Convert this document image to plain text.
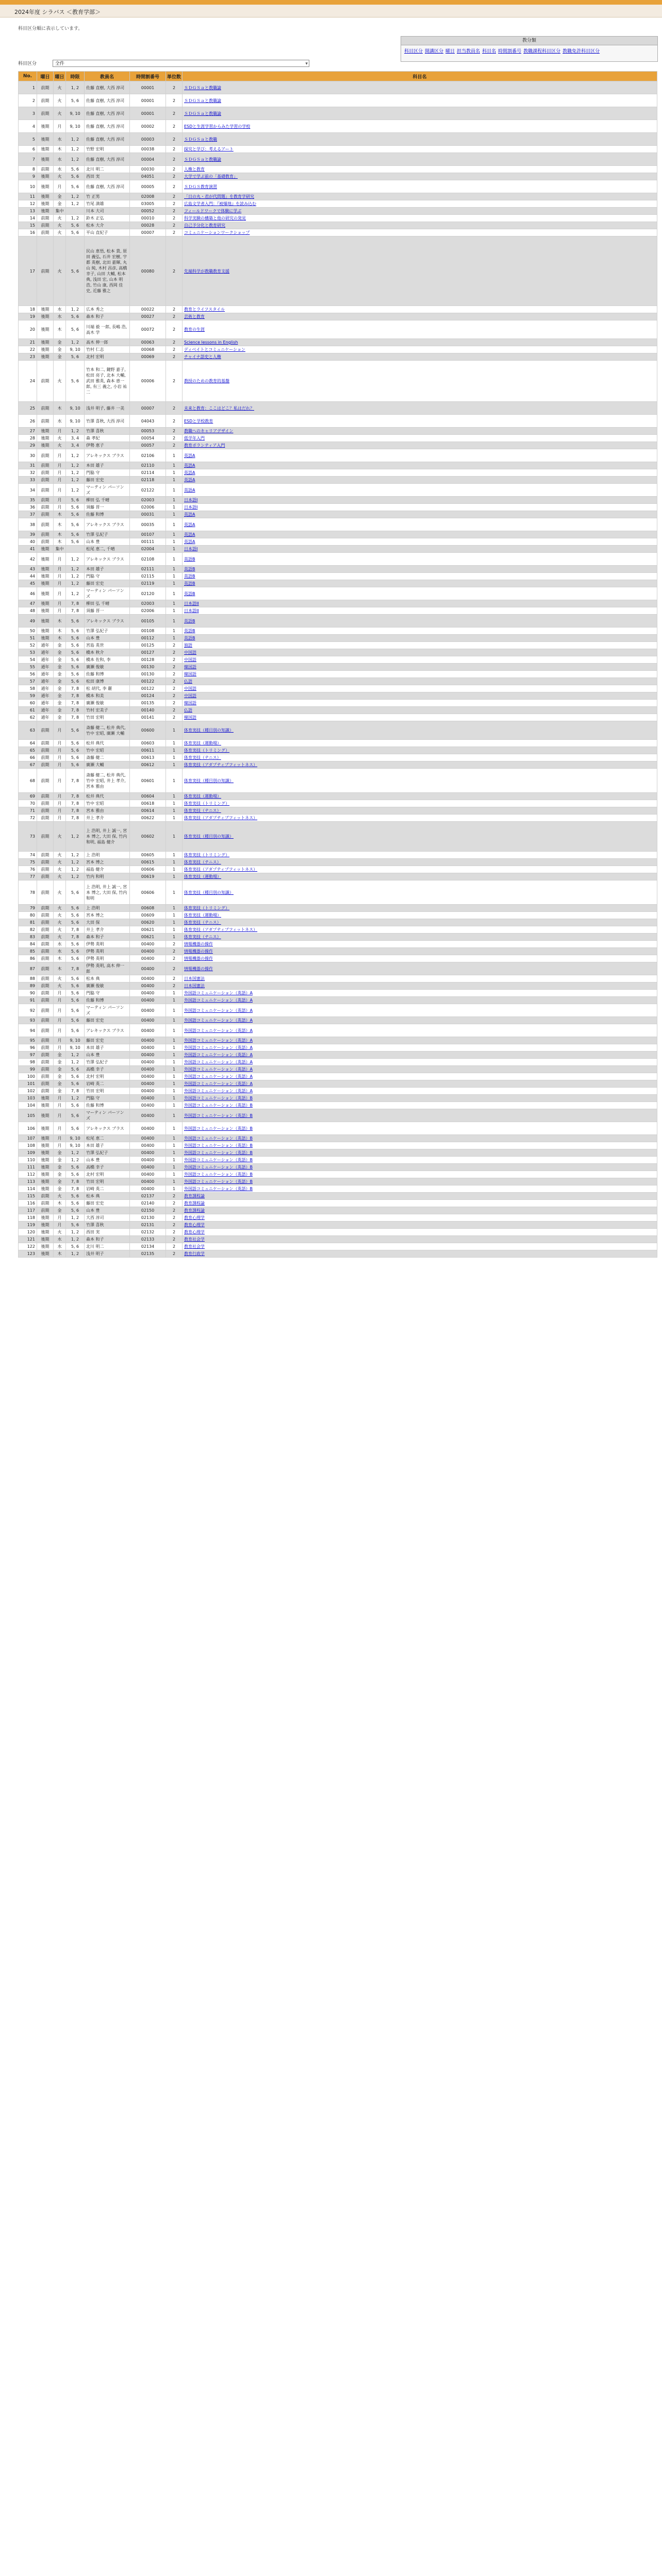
2024年度 シラバス ＜教育学部＞
科目区分順に表示しています。
教分類
科目区分 開講区分 曜日 担当教員名 科目名 時間割番号 教職課程科目区分 教職免許科目区分
科目区分	全件	▾
No.	曜日	曜日	時限	教員名	時間割番号	単位数	科目名
1	前期	火	1, 2	佐藤 直樹, 大西 淳司	00001	2	ＳＤＧＳａと教職論
2	前期	火	5, 6	佐藤 直樹, 大西 淳司	00001	2	ＳＤＧＳａと教職論
3	前期	火	9, 10	佐藤 直樹, 大西 淳司	00001	2	ＳＤＧＳａと教職論
4	後期	月	9, 10	佐藤 直樹, 大西 淳司	00002	2	ESDと生涯学習からみた学習の学校
5	後期	水	1, 2	佐藤 直樹, 大西 淳司	00003	2	ＳＤＧＳａと教職
6	後期	木	1, 2	竹野 宏明	00038	2	探究と学び：考えるアート
7	後期	水	1, 2	佐藤 直樹, 大西 淳司	00004	2	ＳＤＧＳａと教職論
8	前期	水	5, 6	北川 明二	00030	2	人権と教育
9	後期	火	5, 6	西田 実	04051	2	大学で学ぶ前の「基礎教育」
10	後期	月	5, 6	佐藤 直樹, 大西 淳司	00005	2	ＳＤＧＳ教育演習
11	後期	金	1, 2	竹 正男	02008	2	「日の丸・君が代問題」を教育学研究
12	後期	金	1, 2	竹尾 満雄	03005	2	広島文学者入門：『被爆地』を読み込む
13	後期	集中		川本 大司	00052	2	フィールドワークで体験に学ぶ
14	前期	火	1, 2	鈴木 正弘	00010	2	科学実験の構築と他の研究の発見
15	前期	火	5, 6	松本 大介	00028	2	自己予分化と教育研究
16	前期	火	5, 6	平山 直紀子	00007	2	コミュニケーションワークショップ
17	前期	火	5, 6	民山 恵悟, 松本 貴, 原田 義弘, 石井 宏樹, 宇都 英樹, 北田 嘉輝, 丸 山 純, 木村 昌彦, 高橋 幸子, 山田 大輔, 松本 典, 浅田 宏, 山本 明浩, 竹山 康, 西岡 佳史, 近藤 雅之	00080	2	先端科学が教職教育支援
18	後期	水	1, 2	広本 秀之	00022	2	教育とライフスタイル
19	後期	水	5, 6	森本 和子	00027	2	芸術と教育
20	後期	木	5, 6	川端 毅 一郎, 長嶋 浩, 高木 学	00072	2	教育の生涯
21	後期	金	1, 2	高木 伸一郎	00063	2	Science lessons in English
22	後期	金	9, 10	竹村 仁志	00068	2	ディベイトとコミュニケーション
23	後期	金	5, 6	北村 宏明	00069	2	チャイナ語史と人権
24	前期	火	5, 6	竹本 和二, 鍵野 嘉子, 松田 亮子, 北本 大輔, 武田 雅英, 森本 恵一郎, 有三 義之, 小岩 祐二	00006	2	教授のための教育的基盤
25	前期	木	9, 10	浅井 明子, 藤井 一美	00007	2	未来と教育：ここはどこ？私はだれ？
26	前期	水	9, 10	竹澤 喜秋, 大西 淳司	04043	2	ESDと学校教育
27	後期	月	1, 2	竹澤 喜秋	00053	2	教職へのキャリアデザイン
28	後期	火	3, 4	森 孝紀	00054	2	低学年入門
29	後期	火	3, 4	伊勢 恵子	00057	2	教育ボランティア入門
30	前期	月	1, 2	アレキックス ブラス	02106	1	英語A
31	前期	月	1, 2	本田 雄子	02110	1	英語A
32	前期	月	1, 2	門脇 守	02114	1	英語A
33	前期	月	1, 2	藤田 宏史	02118	1	英語A
34	前期	月	1, 2	マーティン パーソンズ	02122	1	英語A
35	前期	月	5, 6	柳田 弘 千晴	02003	1	日本語I
36	前期	月	5, 6	須藤 晋一	02006	1	日本語I
37	前期	木	5, 6	佐藤 和博	00031	1	英語A
38	前期	木	5, 6	アレキックス ブラス	00035	1	英語A
39	前期	木	5, 6	竹澤 弘紀子	00107	1	英語A
40	前期	木	5, 6	山本 豊	00111	1	英語A
41	後期	集中		松尾 恵二, 千晴	02004	1	日本語I
42	後期	月	1, 2	アレキックス ブラス	02108	1	英語B
43	後期	月	1, 2	本田 雄子	02111	1	英語B
44	後期	月	1, 2	門脇 守	02115	1	英語B
45	後期	月	1, 2	藤田 宏史	02119	1	英語B
46	後期	月	1, 2	マーティン パーソンズ	02120	1	英語B
47	後期	月	7, 8	柳田 弘 千晴	02003	1	日本語II
48	後期	月	7, 8	須藤 晋一	02006	1	日本語II
49	後期	木	5, 6	アレキックス ブラス	00105	1	英語B
50	後期	木	5, 6	竹澤 弘紀子	00108	1	英語B
51	後期	木	5, 6	山本 豊	00112	1	英語B
52	通年	金	5, 6	宮島 英世	00125	2	独語
53	通年	金	5, 6	橋本 秋介	00127	2	中国語
54	通年	金	5, 6	橋本 佐和, 李	00128	2	中国語
55	通年	金	5, 6	廣瀬 俊敏	00130	2	韓国語
56	通年	金	5, 6	佐藤 和博	00130	2	韓国語
57	通年	金	5, 6	松田 康博	00122	2	仏語
58	通年	金	7, 8	松 胡代, 李 麗	00122	2	中国語
59	通年	金	7, 8	橋本 和美	00124	2	中国語
60	通年	金	7, 8	廣瀬 俊敏	00135	2	韓国語
61	通年	金	7, 8	竹村 宏美子	00140	2	仏語
62	通年	金	7, 8	竹田 宏明	00141	2	韓国語
63	前期	月	5, 6	斎藤 健二, 松井 典代, 竹中 宏昭, 廣瀬 大輔	00600	1	体育実技（種目別の知識）
64	前期	月	5, 6	松井 典代	00603	1	体育実技（運動場）
65	前期	月	5, 6	竹中 宏昭	00611	1	体育実技（トリミング）
66	前期	月	5, 6	斎藤 健二	00613	1	体育実技（テニス）
67	前期	月	5, 6	廣瀬 大輔	00612	1	体育実技（アダプティブフィットネス）
68	前期	月	7, 8	斎藤 健二, 松井 典代, 竹中 宏昭, 井上 孝介, 宮本 雅由	00601	1	体育実技（種目別の知識）
69	前期	月	7, 8	松井 典代	00604	1	体育実技（運動場）
70	前期	月	7, 8	竹中 宏昭	00618	1	体育実技（トリミング）
71	前期	月	7, 8	宮本 雅由	00614	1	体育実技（テニス）
72	前期	月	7, 8	井上 孝介	00622	1	体育実技（アダプティブフィットネス）
73	前期	火	1, 2	上 浩明, 井上 誠一, 宮本 博之, 大田 保, 竹内 和明, 福島 健介	00602	1	体育実技（種目別の知識）
74	前期	火	1, 2	上 浩明	00605	1	体育実技（トリミング）
75	前期	火	1, 2	宮本 博之	00615	1	体育実技（テニス）
76	前期	火	1, 2	福島 健介	00606	1	体育実技（アダプティブフィットネス）
77	前期	火	1, 2	竹内 和明	00619	1	体育実技（運動場）
78	前期	火	5, 6	上 浩明, 井上 誠一, 宮本 博之, 大田 保, 竹内 和明	00606	1	体育実技（種目別の知識）
79	前期	火	5, 6	上 浩明	00608	1	体育実技（トリミング）
80	前期	火	5, 6	宮本 博之	00609	1	体育実技（運動場）
81	前期	火	5, 6	大田 保	00620	1	体育実技（テニス）
82	前期	火	7, 8	井上 孝介	00621	1	体育実技（アダプティブフィットネス）
83	前期	火	7, 8	森本 和子	00621	1	体育実技（テニス）
84	前期	水	5, 6	伊勢 英明	00400	2	情報機器の操作
85	前期	水	5, 6	伊勢 英明	00400	2	情報機器の操作
86	前期	木	5, 6	伊勢 英明	00400	2	情報機器の操作
87	前期	木	7, 8	伊勢 英明, 高木 伸一郎	00400	2	情報機器の操作
88	前期	火	5, 6	松本 典	00400	2	日本国憲法
89	前期	火	5, 6	廣瀬 俊敏	00400	2	日本国憲法
90	前期	月	5, 6	門脇 守	00400	1	外国語コミュニケーション（英語）A
91	前期	月	5, 6	佐藤 和博	00400	1	外国語コミュニケーション（英語）A
92	前期	月	5, 6	マーティン パーソンズ	00400	1	外国語コミュニケーション（英語）A
93	前期	月	5, 6	藤田 宏史	00400	1	外国語コミュニケーション（英語）A
94	前期	月	5, 6	アレキックス ブラス	00400	1	外国語コミュニケーション（英語）A
95	前期	月	9, 10	藤田 宏史	00400	1	外国語コミュニケーション（英語）A
96	前期	月	9, 10	本田 雄子	00400	1	外国語コミュニケーション（英語）A
97	前期	金	1, 2	山本 豊	00400	1	外国語コミュニケーション（英語）A
98	前期	金	1, 2	竹澤 弘紀子	00400	1	外国語コミュニケーション（英語）A
99	前期	金	5, 6	高橋 幸子	00400	1	外国語コミュニケーション（英語）A
100	前期	金	5, 6	北村 宏明	00400	1	外国語コミュニケーション（英語）A
101	前期	金	5, 6	岩崎 英二	00400	1	外国語コミュニケーション（英語）A
102	前期	金	7, 8	竹田 宏明	00400	1	外国語コミュニケーション（英語）A
103	後期	月	1, 2	門脇 守	00400	1	外国語コミュニケーション（英語）B
104	後期	月	5, 6	佐藤 和博	00400	1	外国語コミュニケーション（英語）B
105	後期	月	5, 6	マーティン パーソンズ	00400	1	外国語コミュニケーション（英語）B
106	後期	月	5, 6	アレキックス ブラス	00400	1	外国語コミュニケーション（英語）B
107	後期	月	9, 10	松尾 恵二	00400	1	外国語コミュニケーション（英語）B
108	後期	月	9, 10	本田 雄子	00400	1	外国語コミュニケーション（英語）B
109	後期	金	1, 2	竹澤 弘紀子	00400	1	外国語コミュニケーション（英語）B
110	後期	金	1, 2	山本 豊	00400	1	外国語コミュニケーション（英語）B
111	後期	金	5, 6	高橋 幸子	00400	1	外国語コミュニケーション（英語）B
112	後期	金	5, 6	北村 宏明	00400	1	外国語コミュニケーション（英語）B
113	後期	金	7, 8	竹田 宏明	00400	1	外国語コミュニケーション（英語）B
114	後期	金	7, 8	岩崎 英二	00400	1	外国語コミュニケーション（英語）B
115	前期	火	5, 6	松本 典	02137	2	教育課程論
116	前期	木	5, 6	藤田 宏史	02140	2	教育課程論
117	前期	金	5, 6	山本 豊	02150	2	教育課程論
118	後期	月	1, 2	大西 淳司	02130	2	教育心理学
119	後期	月	5, 6	竹澤 喜秋	02131	2	教育心理学
120	後期	火	1, 2	西田 実	02132	2	教育心理学
121	後期	水	1, 2	森本 和子	02133	2	教育社会学
122	後期	水	5, 6	北川 明二	02134	2	教育社会学
123	後期	木	1, 2	浅井 明子	02135	2	教育行政学
